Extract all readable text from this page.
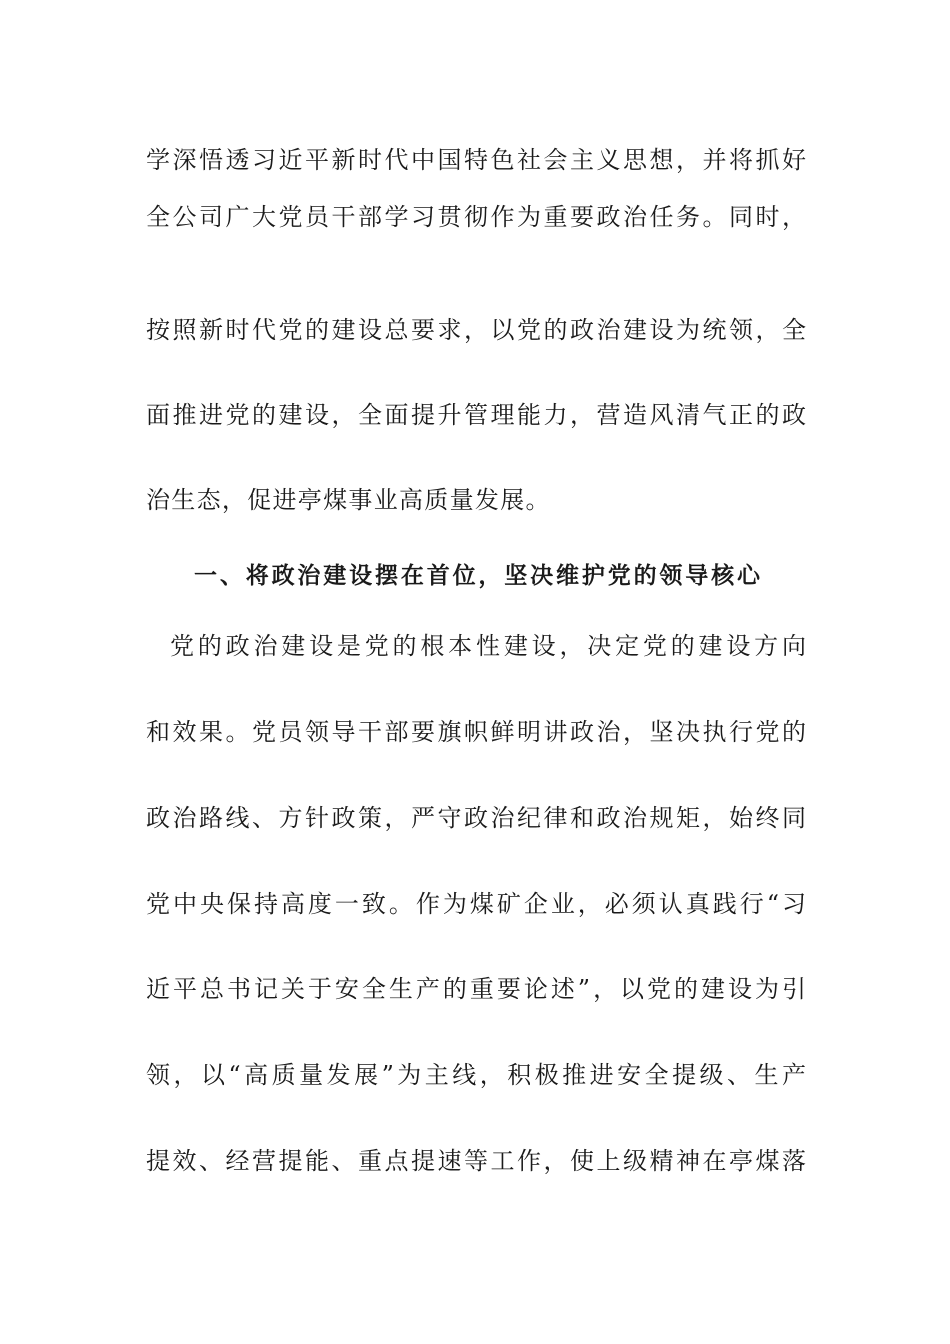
学深悟透习近平新时代中国特色社会主义思想，并将抓好
全公司广大党员干部学习贯彻作为重要政治任务。同时，
按照新时代党的建设总要求，以党的政治建设为统领，全
面推进党的建设，全面提升管理能力，营造风清气正的政
治生态，促进亭煤事业高质量发展。
一、将政治建设摆在首位，坚决维护党的领导核心
党的政治建设是党的根本性建设，决定党的建设方向
和效果。党员领导干部要旗帜鲜明讲政治，坚决执行党的
政治路线、方针政策，严守政治纪律和政治规矩，始终同
党中央保持高度一致。作为煤矿企业，必须认真践行“习
近平总书记关于安全生产的重要论述”，以党的建设为引
领，以“高质量发展”为主线，积极推进安全提级、生产
提效、经营提能、重点提速等工作，使上级精神在亭煤落
